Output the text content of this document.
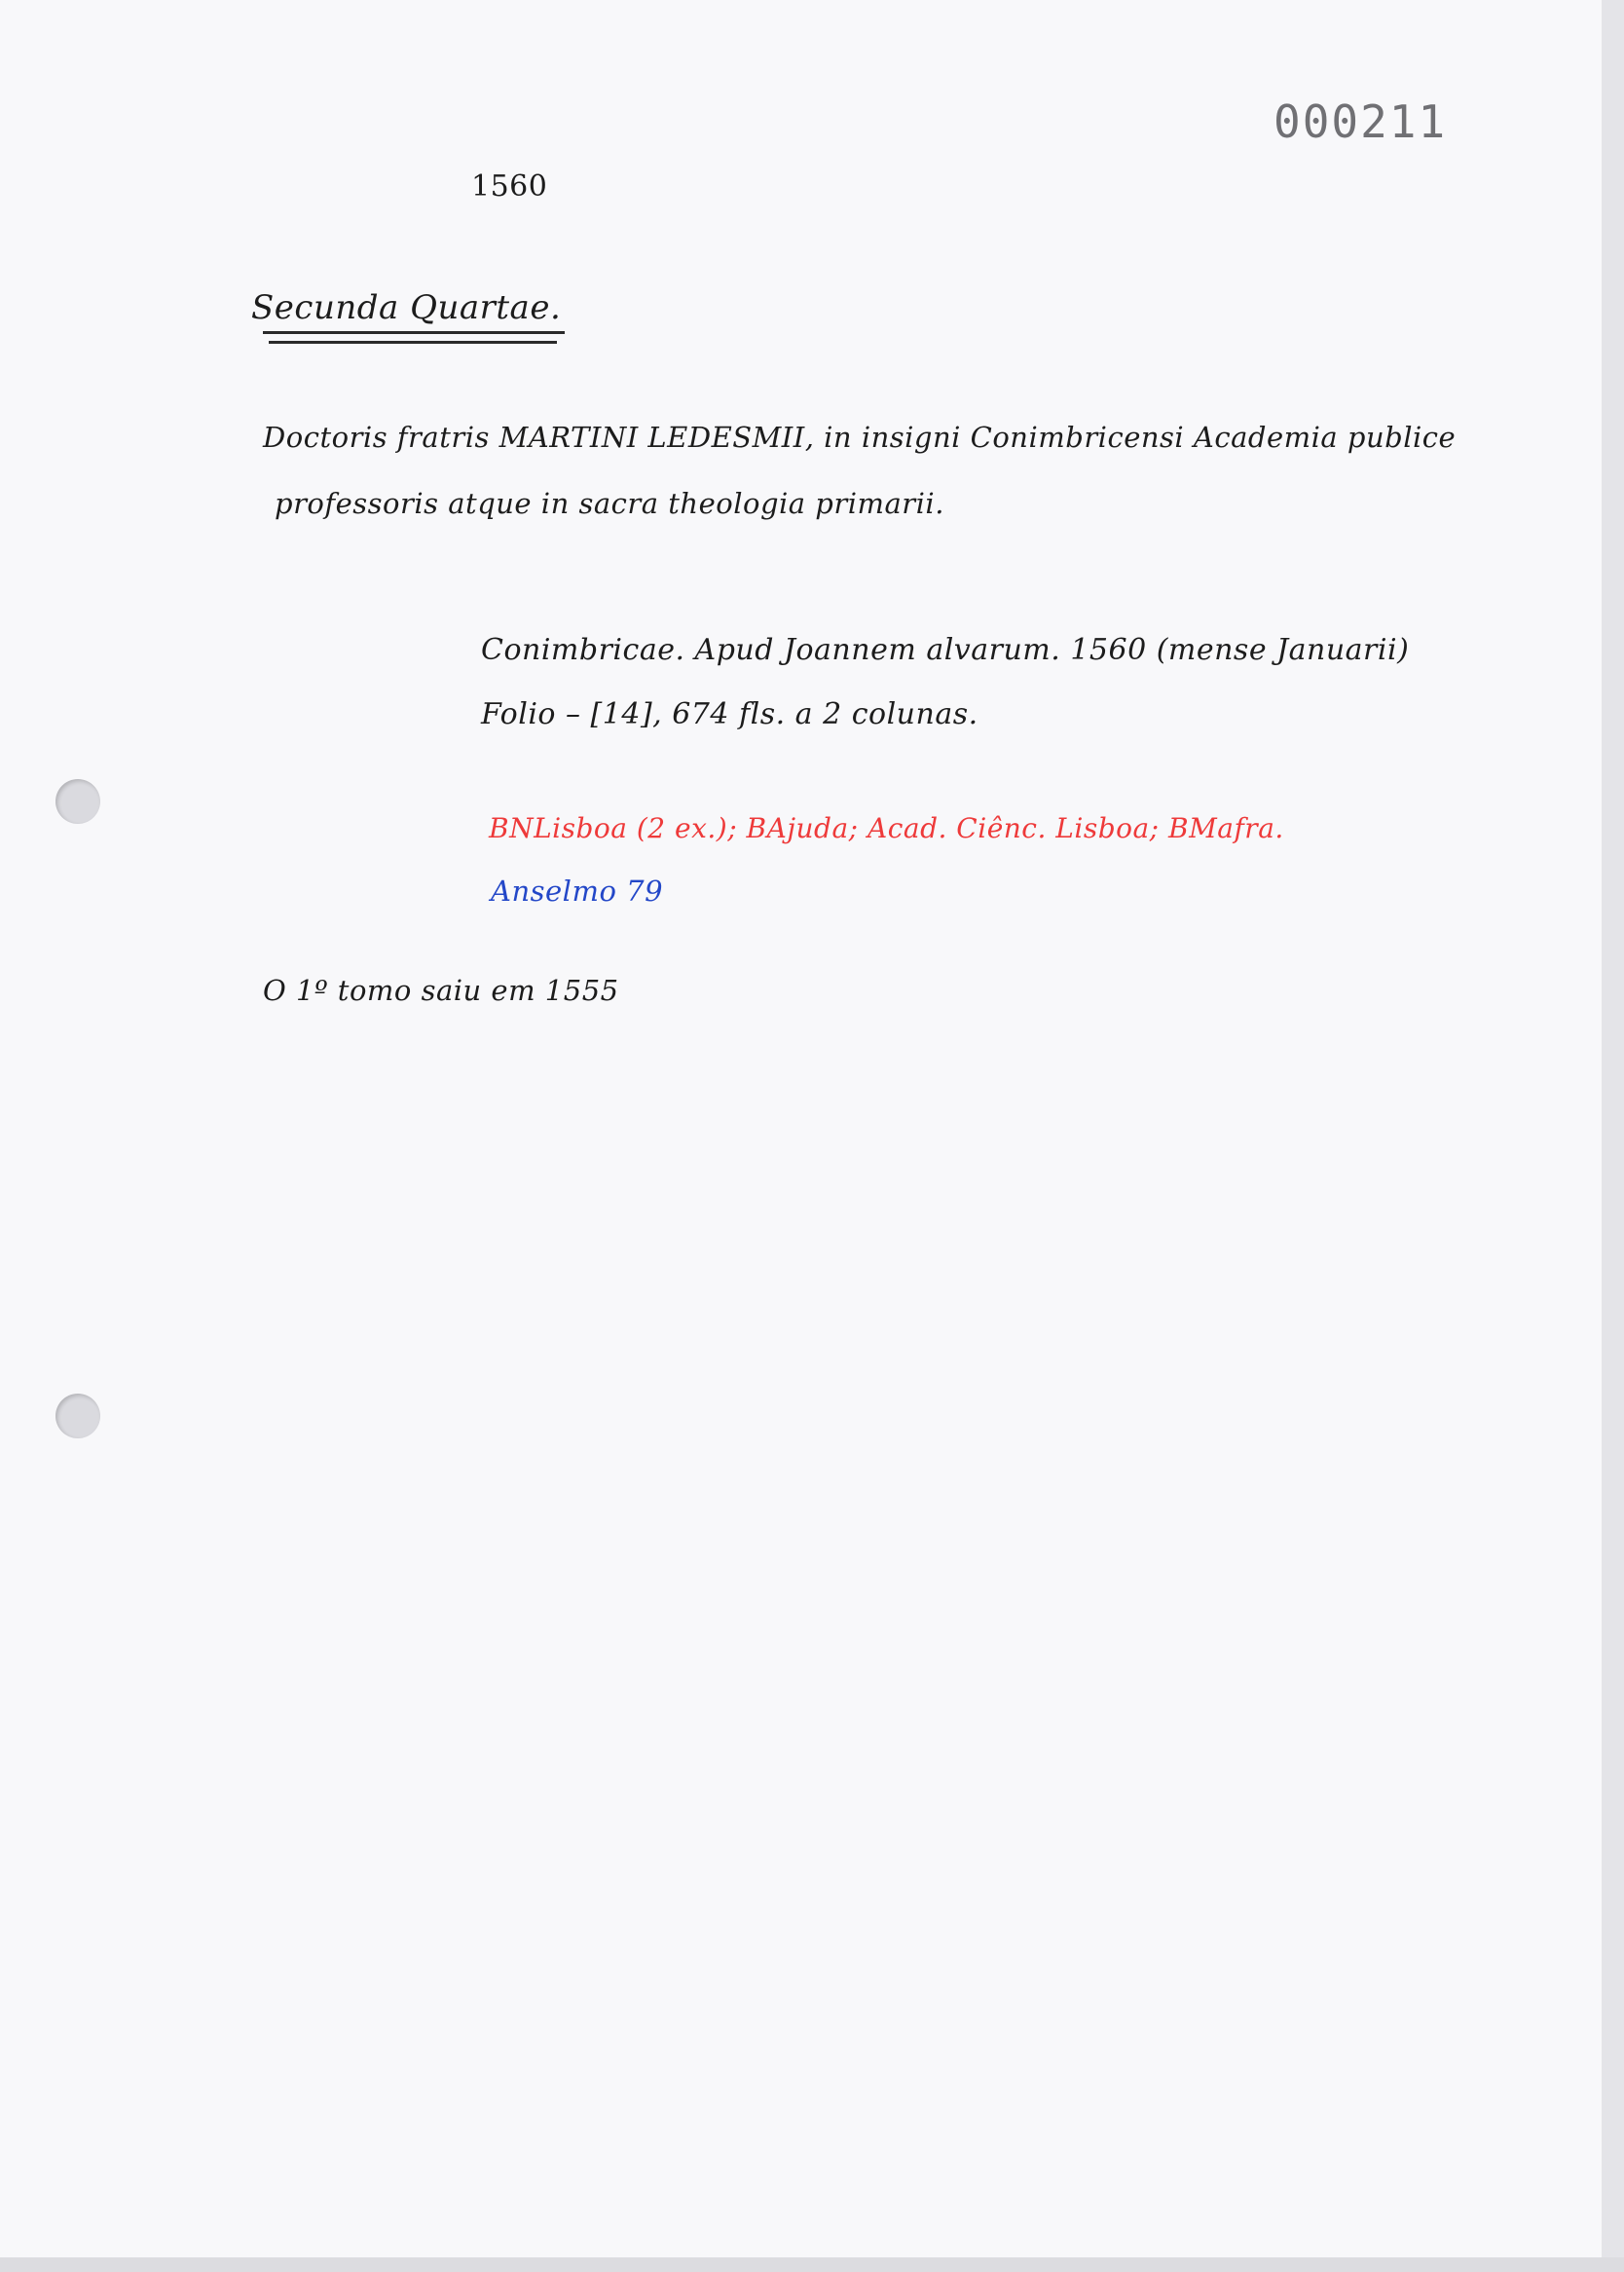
000211
1560
Secunda Quartae.
Doctoris fratris MARTINI LEDESMII, in insigni Conimbricensi Academia publice
professoris atque in sacra theologia primarii.
Conimbricae. Apud Joannem alvarum. 1560 (mense Januarii)
Folio – [14], 674 fls. a 2 colunas.
BNLisboa (2 ex.); BAjuda; Acad. Ciênc. Lisboa; BMafra.
Anselmo 79
O 1º tomo saiu em 1555
